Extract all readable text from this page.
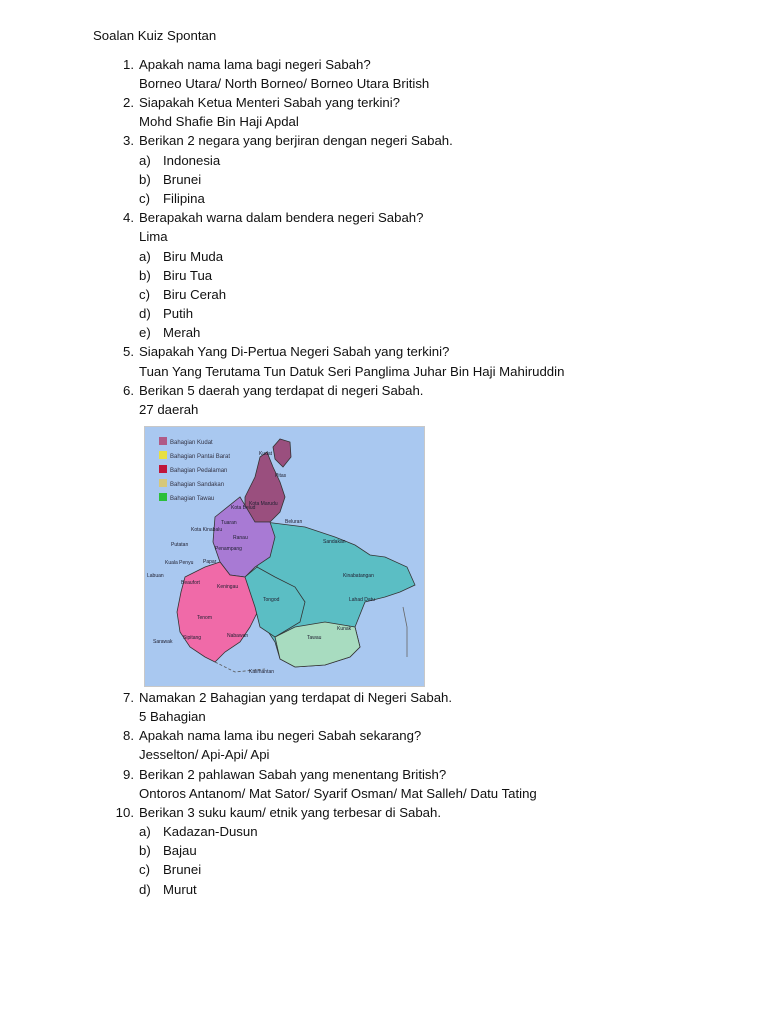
Soalan Kuiz Spontan
1. Apakah nama lama bagi negeri Sabah?
Borneo Utara/ North Borneo/ Borneo Utara British
2. Siapakah Ketua Menteri Sabah yang terkini?
Mohd Shafie Bin Haji Apdal
3. Berikan 2 negara yang berjiran dengan negeri Sabah.
a) Indonesia
b) Brunei
c) Filipina
4. Berapakah warna dalam bendera negeri Sabah?
Lima
a) Biru Muda
b) Biru Tua
c) Biru Cerah
d) Putih
e) Merah
5. Siapakah Yang Di-Pertua Negeri Sabah yang terkini?
Tuan Yang Terutama Tun Datuk Seri Panglima Juhar Bin Haji Mahiruddin
6. Berikan 5 daerah yang terdapat di negeri Sabah.
27 daerah
Bahagian Kudat
Bahagian Pantai Barat
Bahagian Pedalaman
Bahagian Sandakan
Bahagian Tawau
Kudat
Pitas
Kota Marudu
Kota Belud
Tuaran
Kota Kinabalu
Putatan
Papar
Penampang
Kuala Penyu
Labuan
Beaufort
Keningau
Tenom
Sipitang	Nabawan
Sarawak
Kalimantan
Ranau
Beluran
Sandakan
Kinabatangan
Tongod	Lahad Datu
Kunak
Tawau
7. Namakan 2 Bahagian yang terdapat di Negeri Sabah.
5 Bahagian
8. Apakah nama lama ibu negeri Sabah sekarang?
Jesselton/ Api-Api/ Api
9. Berikan 2 pahlawan Sabah yang menentang British?
Ontoros Antanom/ Mat Sator/ Syarif Osman/ Mat Salleh/ Datu Tating
10. Berikan 3 suku kaum/ etnik yang terbesar di Sabah.
a) Kadazan-Dusun
b) Bajau
c) Brunei
d) Murut
